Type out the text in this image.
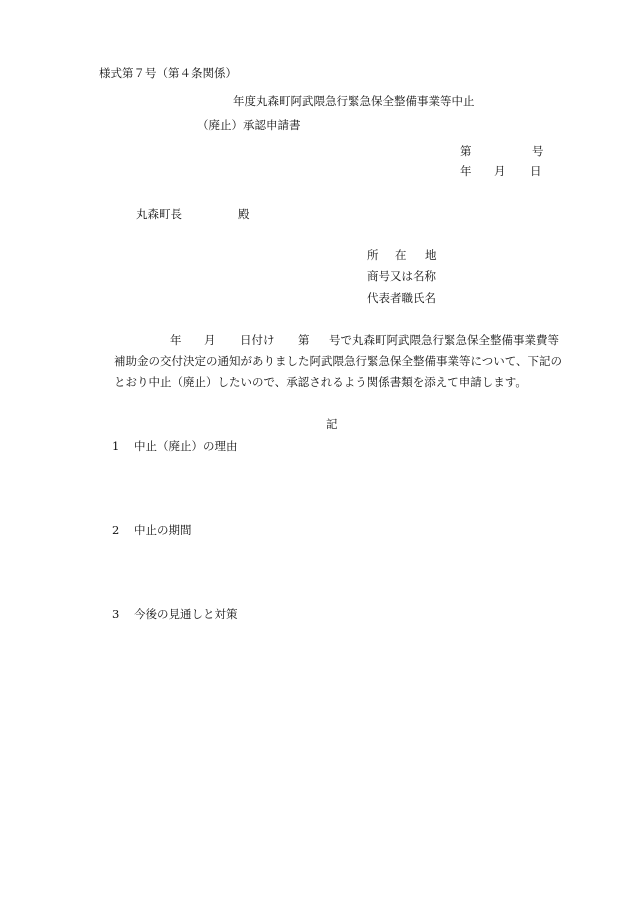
様式第７号（第４条関係）
年度丸森町阿武隈急行緊急保全整備事業等中止
（廃止）承認申請書
第	号
年	月	日
丸森町長	殿
所	在	地
商号又は名称
代表者職氏名
年	月	日付け	第	号で丸森町阿武隈急行緊急保全整備事業費等
補助金の交付決定の通知がありました阿武隈急行緊急保全整備事業等について、下記の
とおり中止（廃止）したいので、承認されるよう関係書類を添えて申請します。
記
1	中止（廃止）の理由
2	中止の期間
3	今後の見通しと対策
